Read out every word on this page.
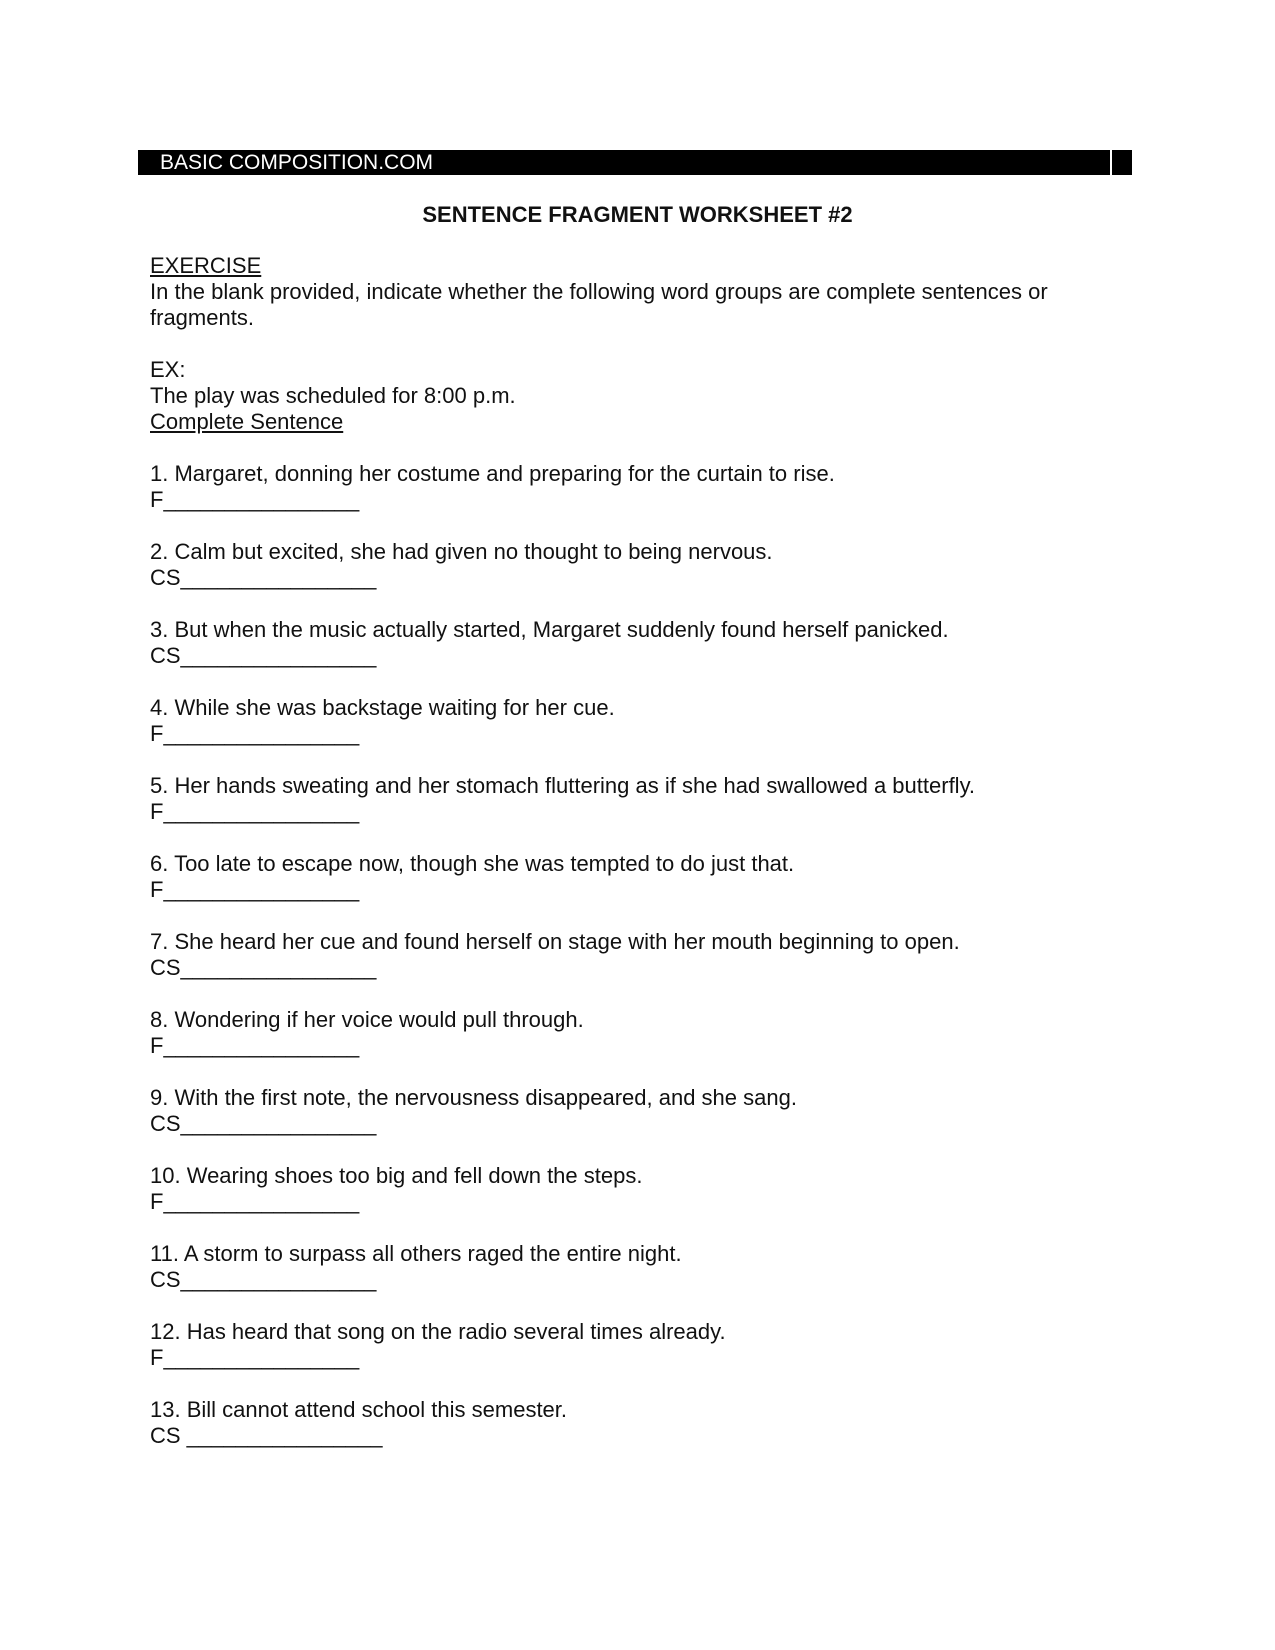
BASIC COMPOSITION.COM
SENTENCE FRAGMENT WORKSHEET #2

EXERCISE

In the blank provided, indicate whether the following word groups are complete sentences or fragments.

EX:

The play was scheduled for 8:00 p.m.

Complete Sentence

1. Margaret, donning her costume and preparing for the curtain to rise.

F________________

2. Calm but excited, she had given no thought to being nervous.

CS________________

3. But when the music actually started, Margaret suddenly found herself panicked.

CS________________

4. While she was backstage waiting for her cue.

F________________

5. Her hands sweating and her stomach fluttering as if she had swallowed a butterfly.

F________________

6. Too late to escape now, though she was tempted to do just that.

F________________

7. She heard her cue and found herself on stage with her mouth beginning to open.

CS________________

8. Wondering if her voice would pull through.

F________________

9. With the first note, the nervousness disappeared, and she sang.

CS________________

10. Wearing shoes too big and fell down the steps.

F________________

11. A storm to surpass all others raged the entire night.

CS________________

12. Has heard that song on the radio several times already.

F________________

13. Bill cannot attend school this semester.

CS ________________
